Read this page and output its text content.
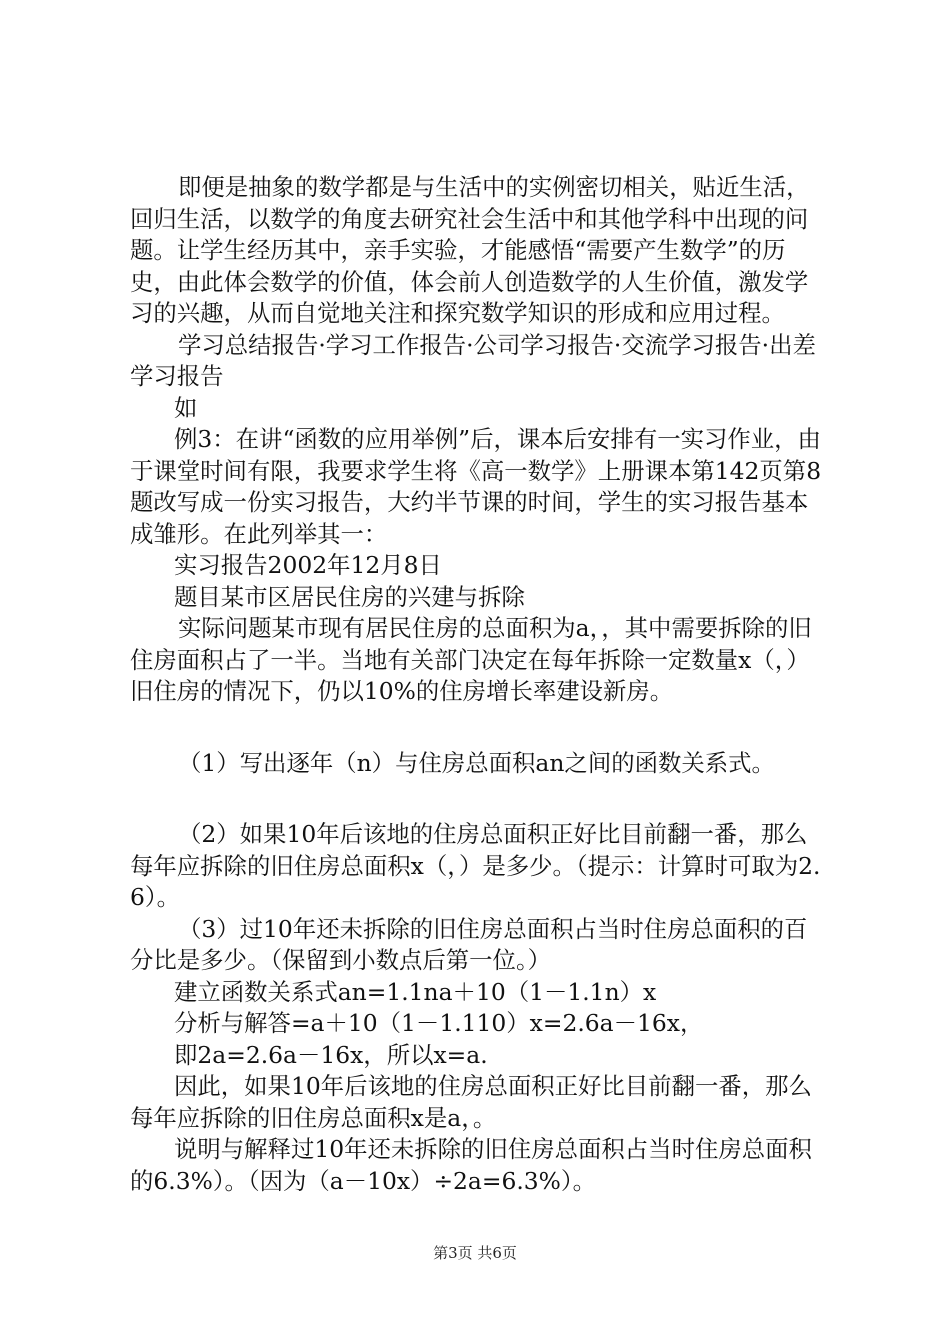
即便是抽象的数学都是与生活中的实例密切相关，贴近生活，回归生活，以数学的角度去研究社会生活中和其他学科中出现的问题。让学生经历其中，亲手实验，才能感悟“需要产生数学”的历史，由此体会数学的价值，体会前人创造数学的人生价值，激发学习的兴趣，从而自觉地关注和探究数学知识的形成和应用过程。

学习总结报告·学习工作报告·公司学习报告·交流学习报告·出差学习报告

如

例3：在讲“函数的应用举例”后，课本后安排有一实习作业，由于课堂时间有限，我要求学生将《高一数学》上册课本第142页第8题改写成一份实习报告，大约半节课的时间，学生的实习报告基本成雏形。在此列举其一：

实习报告2002年12月8日

题目某市区居民住房的兴建与拆除

实际问题某市现有居民住房的总面积为a，，其中需要拆除的旧住房面积占了一半。当地有关部门决定在每年拆除一定数量x（，）旧住房的情况下，仍以10%的住房增长率建设新房。

（1）写出逐年（n）与住房总面积an之间的函数关系式。

（2）如果10年后该地的住房总面积正好比目前翻一番，那么每年应拆除的旧住房总面积x（，）是多少。（提示：计算时可取为2.6）。

（3）过10年还未拆除的旧住房总面积占当时住房总面积的百分比是多少。（保留到小数点后第一位。）

建立函数关系式an=1.1na＋10（1－1.1n）x

分析与解答=a＋10（1－1.110）x=2.6a－16x，

即2a=2.6a－16x，所以x=a.

因此，如果10年后该地的住房总面积正好比目前翻一番，那么每年应拆除的旧住房总面积x是a，。

说明与解释过10年还未拆除的旧住房总面积占当时住房总面积的6.3%）。（因为（a－10x）÷2a=6.3%）。

第3页 共6页
